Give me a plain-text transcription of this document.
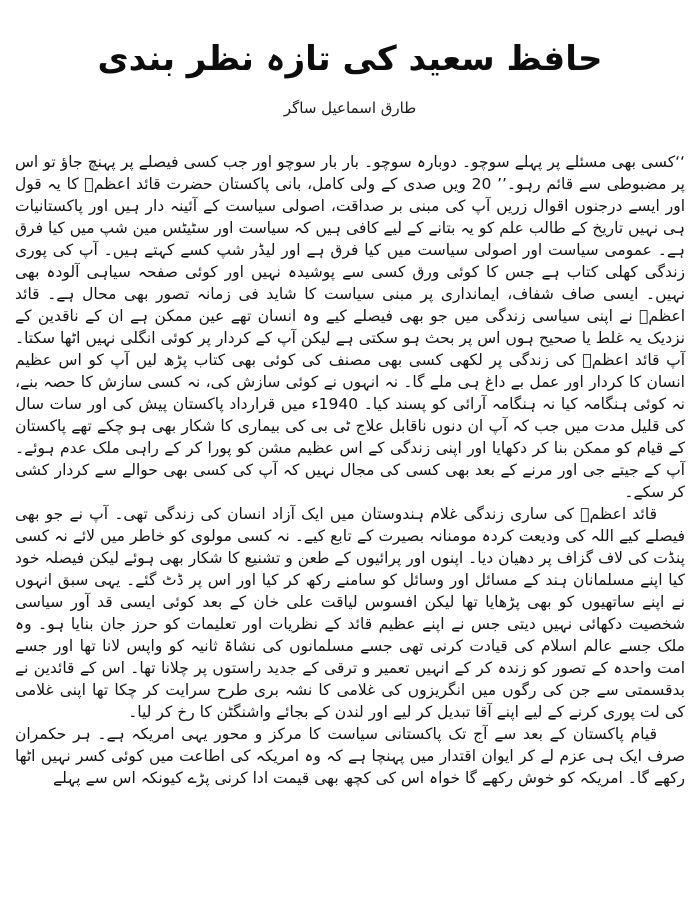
حافظ سعید کی تازہ نظر بندی
طارق اسماعیل ساگر

‘‘کسی بھی مسئلے پر پہلے سوچو۔ دوبارہ سوچو۔ بار بار سوچو اور جب کسی فیصلے پر پہنچ جاؤ تو اس پر مضبوطی سے قائم رہو۔’’ 20 ویں صدی کے ولی کامل، بانی پاکستان حضرت قائد اعظمؒ کا یہ قول اور ایسے درجنوں اقوال زریں آپ کی مبنی بر صداقت، اصولی سیاست کے آئینہ دار ہیں اور پاکستانیات ہی نہیں تاریخ کے طالب علم کو یہ بتانے کے لیے کافی ہیں کہ سیاست اور سٹیٹس مین شپ میں کیا فرق ہے۔ عمومی سیاست اور اصولی سیاست میں کیا فرق ہے اور لیڈر شپ کسے کہتے ہیں۔ آپ کی پوری زندگی کھلی کتاب ہے جس کا کوئی ورق کسی سے پوشیدہ نہیں اور کوئی صفحہ سیاہی آلودہ بھی نہیں۔ ایسی صاف شفاف، ایمانداری پر مبنی سیاست کا شاید فی زمانہ تصور بھی محال ہے۔ قائد اعظمؒ نے اپنی سیاسی زندگی میں جو بھی فیصلے کیے وہ انسان تھے عین ممکن ہے ان کے ناقدین کے نزدیک یہ غلط یا صحیح ہوں اس پر بحث ہو سکتی ہے لیکن آپ کے کردار پر کوئی انگلی نہیں اٹھا سکتا۔ آپ قائد اعظمؒ کی زندگی پر لکھی کسی بھی مصنف کی کوئی بھی کتاب پڑھ لیں آپ کو اس عظیم انسان کا کردار اور عمل بے داغ ہی ملے گا۔ نہ انہوں نے کوئی سازش کی، نہ کسی سازش کا حصہ بنے، نہ کوئی ہنگامہ کیا نہ ہنگامہ آرائی کو پسند کیا۔ 1940ء میں قرارداد پاکستان پیش کی اور سات سال کی قلیل مدت میں جب کہ آپ ان دنوں ناقابل علاج ٹی بی کی بیماری کا شکار بھی ہو چکے تھے پاکستان کے قیام کو ممکن بنا کر دکھایا اور اپنی زندگی کے اس عظیم مشن کو پورا کر کے راہی ملک عدم ہوئے۔ آپ کے جیتے جی اور مرنے کے بعد بھی کسی کی مجال نہیں کہ آپ کی کسی بھی حوالے سے کردار کشی کر سکے۔

قائد اعظمؒ کی ساری زندگی غلام ہندوستان میں ایک آزاد انسان کی زندگی تھی۔ آپ نے جو بھی فیصلے کیے اللہ کی ودیعت کردہ مومنانہ بصیرت کے تابع کیے۔ نہ کسی مولوی کو خاطر میں لائے نہ کسی پنڈت کی لاف گزاف پر دھیان دیا۔ اپنوں اور پرائیوں کے طعن و تشنیع کا شکار بھی ہوئے لیکن فیصلہ خود کیا اپنے مسلمانان ہند کے مسائل اور وسائل کو سامنے رکھ کر کیا اور اس پر ڈٹ گئے۔ یہی سبق انہوں نے اپنے ساتھیوں کو بھی پڑھایا تھا لیکن افسوس لیاقت علی خان کے بعد کوئی ایسی قد آور سیاسی شخصیت دکھائی نہیں دیتی جس نے اپنے عظیم قائد کے نظریات اور تعلیمات کو حرز جان بنایا ہو۔ وہ ملک جسے عالم اسلام کی قیادت کرنی تھی جسے مسلمانوں کی نشاۃ ثانیہ کو واپس لانا تھا اور جسے امت واحدہ کے تصور کو زندہ کر کے انہیں تعمیر و ترقی کے جدید راستوں پر چلانا تھا۔ اس کے قائدین نے بدقسمتی سے جن کی رگوں میں انگریزوں کی غلامی کا نشہ بری طرح سرایت کر چکا تھا اپنی غلامی کی لت پوری کرنے کے لیے اپنے آقا تبدیل کر لیے اور لندن کے بجائے واشنگٹن کا رخ کر لیا۔

قیام پاکستان کے بعد سے آج تک پاکستانی سیاست کا مرکز و محور یہی امریکہ ہے۔ ہر حکمران صرف ایک ہی عزم لے کر ایوان اقتدار میں پہنچا ہے کہ وہ امریکہ کی اطاعت میں کوئی کسر نہیں اٹھا رکھے گا۔ امریکہ کو خوش رکھے گا خواہ اس کی کچھ بھی قیمت ادا کرنی پڑے کیونکہ اس سے پہلے
